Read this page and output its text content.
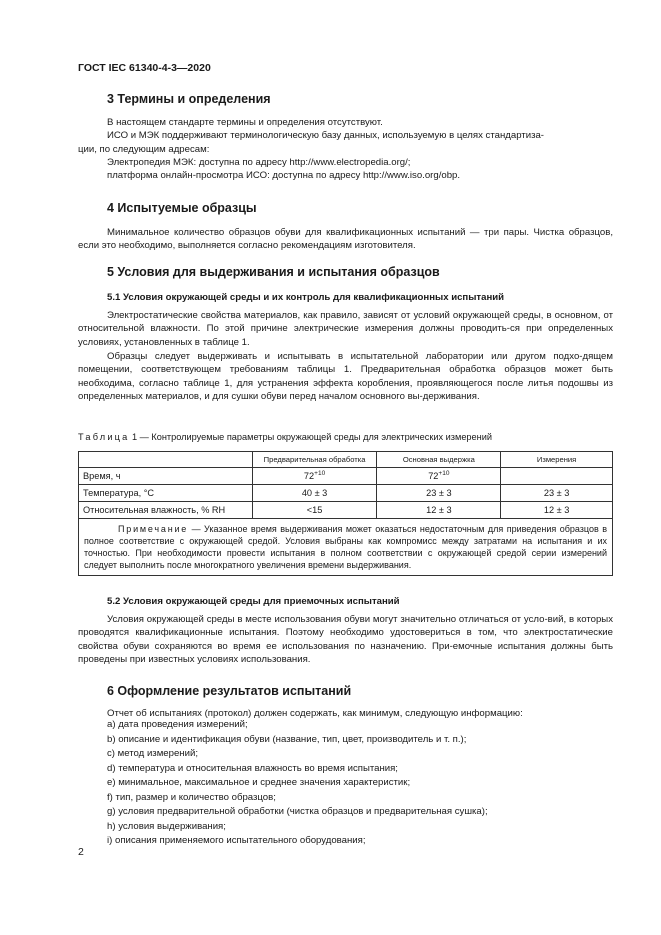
ГОСТ IEC 61340-4-3—2020
3 Термины и определения
В настоящем стандарте термины и определения отсутствуют.
ИСО и МЭК поддерживают терминологическую базу данных, используемую в целях стандартиза-
ции, по следующим адресам:
Электропедия МЭК: доступна по адресу http://www.electropedia.org/;
платформа онлайн-просмотра ИСО: доступна по адресу http://www.iso.org/obp.
4 Испытуемые образцы
Минимальное количество образцов обуви для квалификационных испытаний — три пары. Чистка образцов, если это необходимо, выполняется согласно рекомендациям изготовителя.
5 Условия для выдерживания и испытания образцов
5.1 Условия окружающей среды и их контроль для квалификационных испытаний
Электростатические свойства материалов, как правило, зависят от условий окружающей среды, в основном, от относительной влажности. По этой причине электрические измерения должны проводить-ся при определенных условиях, установленных в таблице 1.
Образцы следует выдерживать и испытывать в испытательной лаборатории или другом подхо-дящем помещении, соответствующем требованиям таблицы 1. Предварительная обработка образцов может быть необходима, согласно таблице 1, для устранения эффекта коробления, проявляющегося после литья подошвы из определенных материалов, и для сушки обуви перед началом основного вы-держивания.
Таблица 1 — Контролируемые параметры окружающей среды для электрических измерений
	Предварительная обработка	Основная выдержка	Измерения
Время, ч	$72^{+10}$	$72^{+10}$	
Температура, °С	40 ± 3	23 ± 3	23 ± 3
Относительная влажность, % RH	<15	12 ± 3	12 ± 3
Примечание — Указанное время выдерживания может оказаться недостаточным для приведения образцов в полное соответствие с окружающей средой. Условия выбраны как компромисс между затратами на испытания и их точностью. При необходимости провести испытания в полном соответствии с окружающей средой серии измерений следует выполнить после многократного увеличения времени выдерживания.			
5.2 Условия окружающей среды для приемочных испытаний
Условия окружающей среды в месте использования обуви могут значительно отличаться от усло-вий, в которых проводятся квалификационные испытания. Поэтому необходимо удостовериться в том, что электростатические свойства обуви сохраняются во время ее использования по назначению. При-емочные испытания должны быть проведены при известных условиях использования.
6 Оформление результатов испытаний
Отчет об испытаниях (протокол) должен содержать, как минимум, следующую информацию:
a) дата проведения измерений;
b) описание и идентификация обуви (название, тип, цвет, производитель и т. п.);
c) метод измерений;
d) температура и относительная влажность во время испытания;
e) минимальное, максимальное и среднее значения характеристик;
f) тип, размер и количество образцов;
g) условия предварительной обработки (чистка образцов и предварительная сушка);
h) условия выдерживания;
i) описания применяемого испытательного оборудования;
2
